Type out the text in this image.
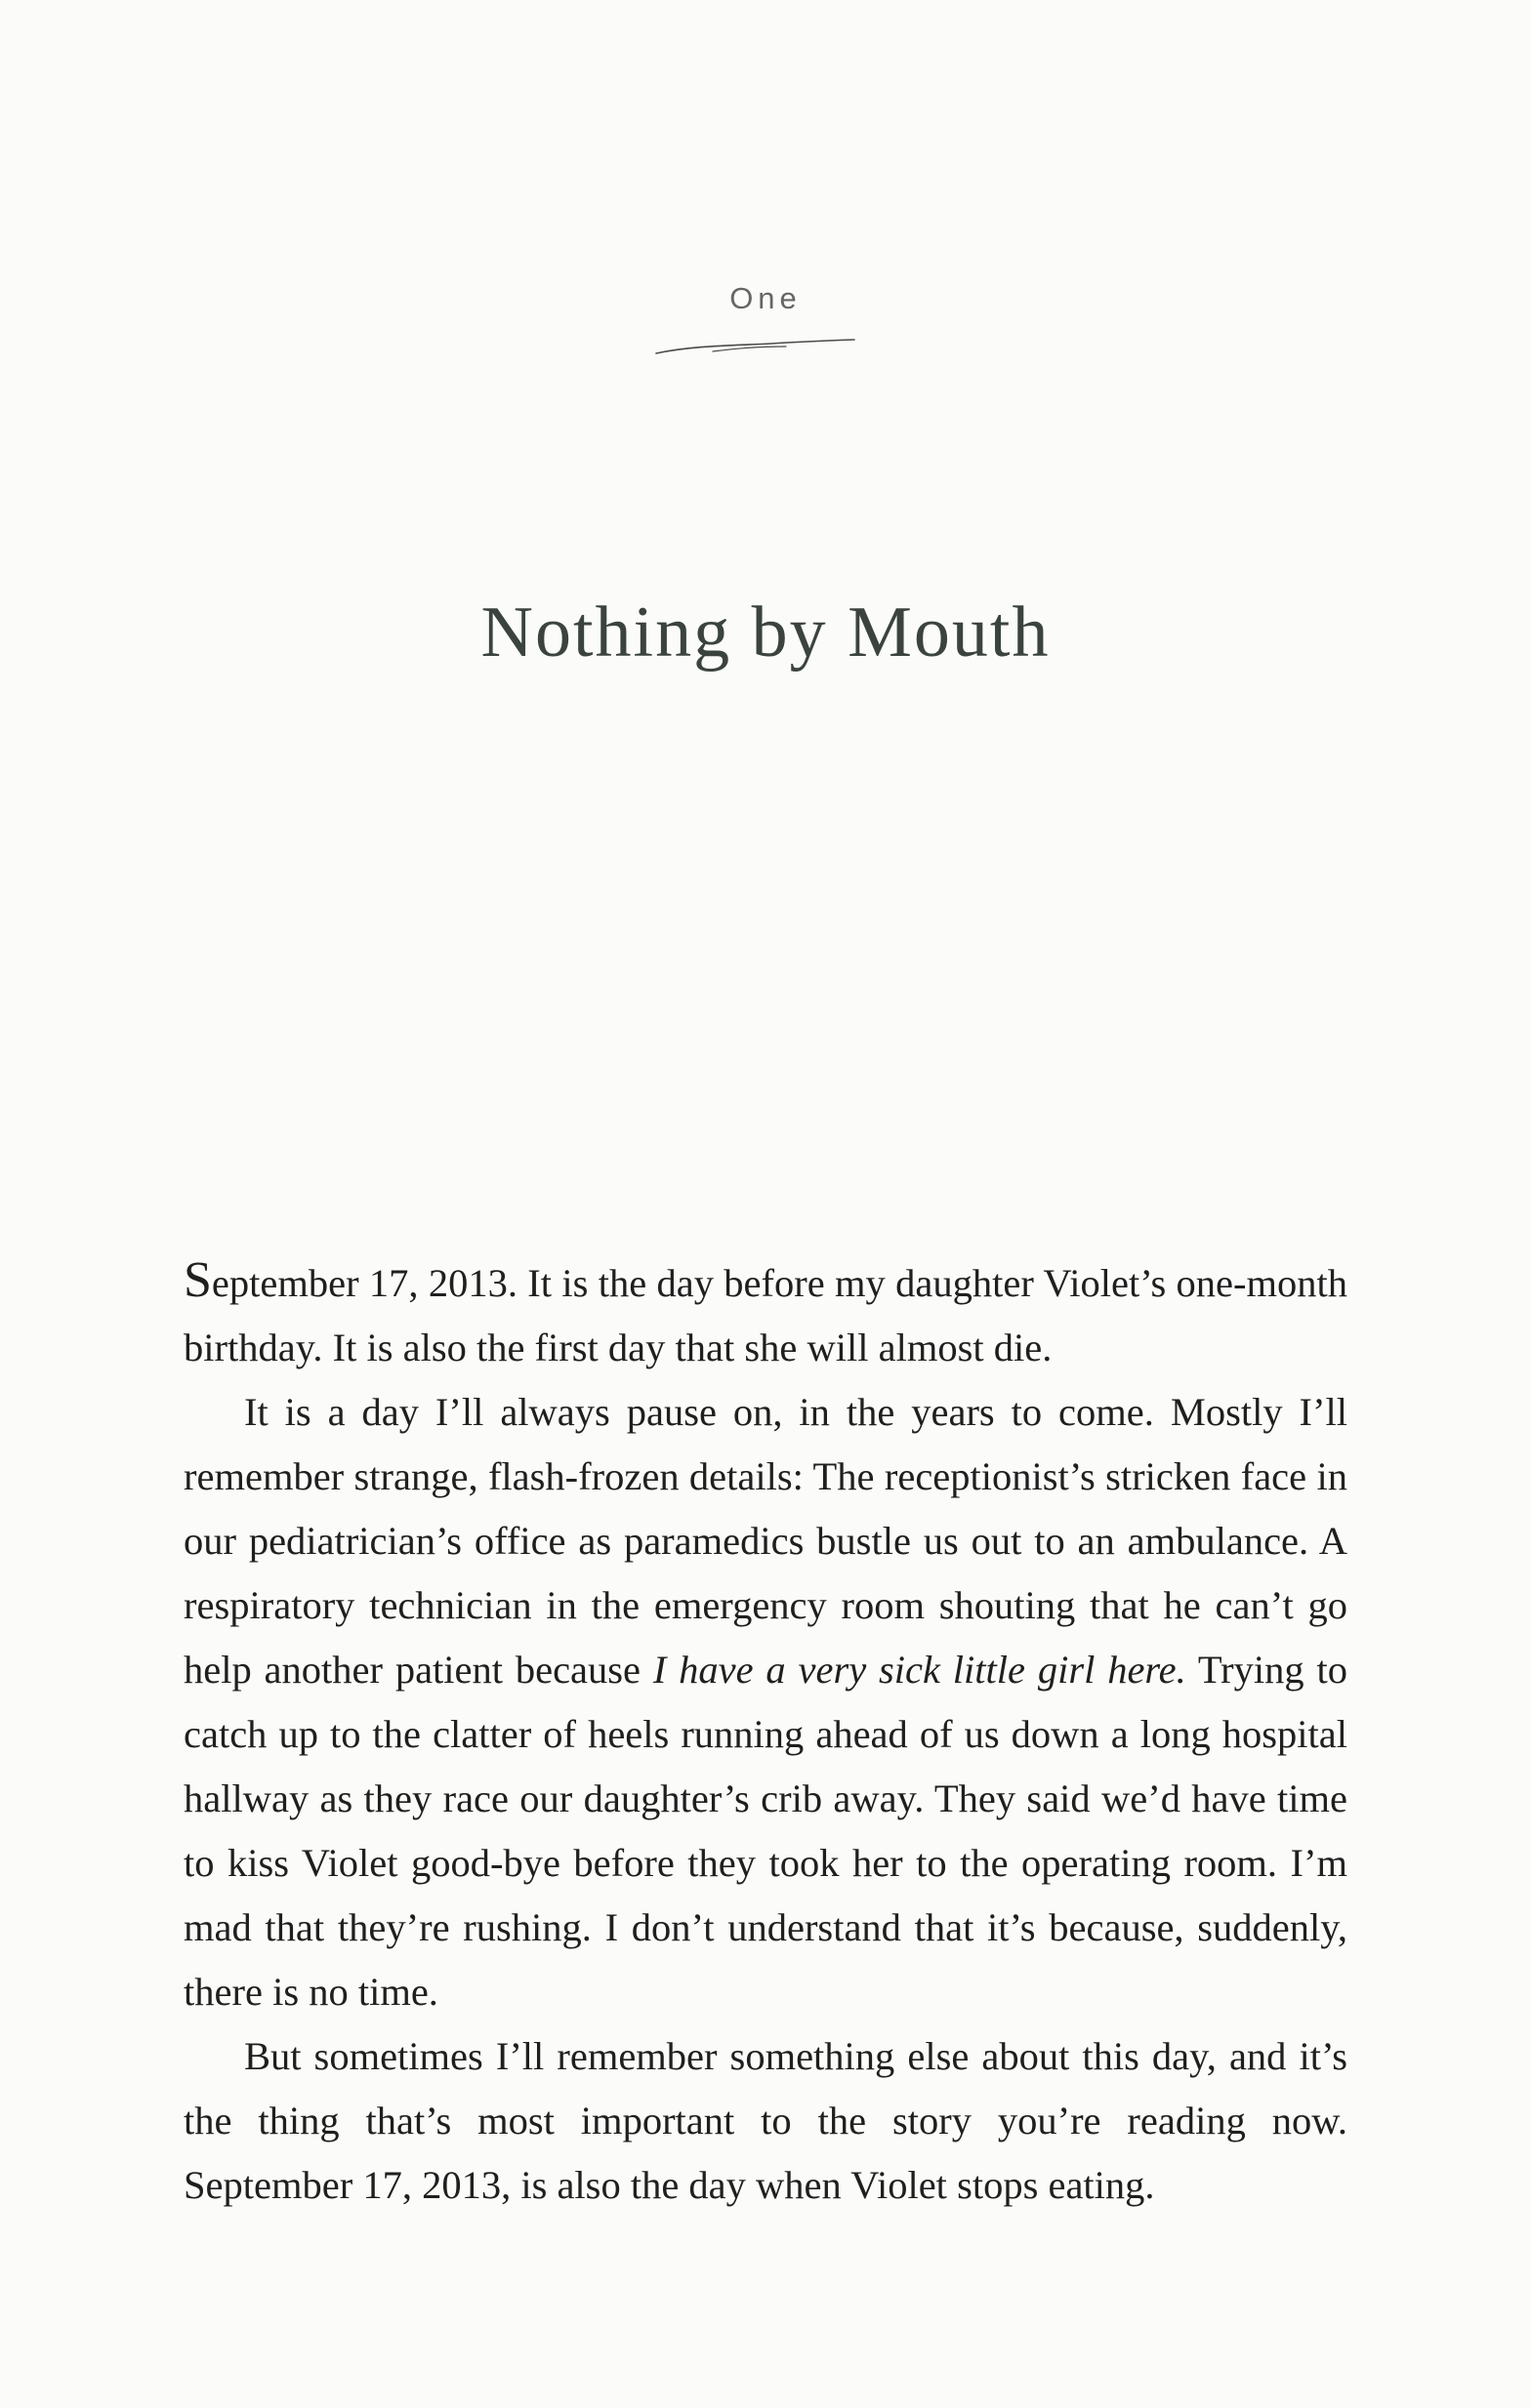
One
Nothing by Mouth

September 17, 2013. It is the day before my daughter Violet’s one-month birthday. It is also the first day that she will almost die.

It is a day I’ll always pause on, in the years to come. Mostly I’ll remember strange, flash-frozen details: The receptionist’s stricken face in our pediatrician’s office as paramedics bustle us out to an ambulance. A respiratory technician in the emergency room shouting that he can’t go help another patient because I have a very sick little girl here. Trying to catch up to the clatter of heels running ahead of us down a long hospital hallway as they race our daughter’s crib away. They said we’d have time to kiss Violet good-bye before they took her to the operating room. I’m mad that they’re rushing. I don’t understand that it’s because, suddenly, there is no time.

But sometimes I’ll remember something else about this day, and it’s the thing that’s most important to the story you’re reading now. September 17, 2013, is also the day when Violet stops eating.
